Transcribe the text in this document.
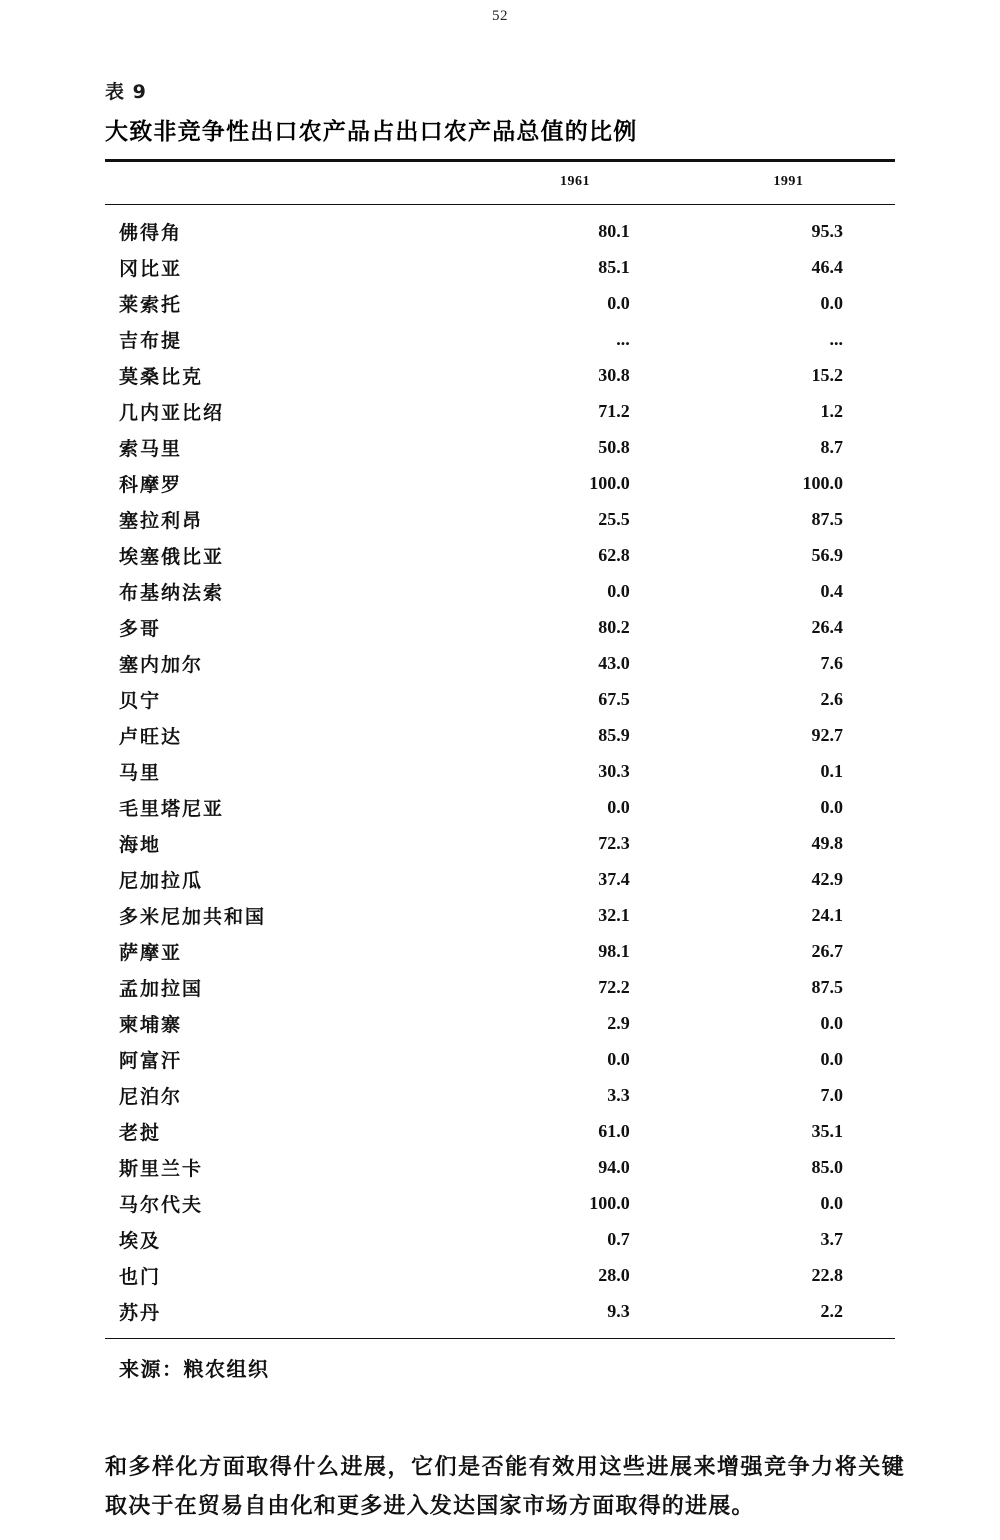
52
表 9
大致非竞争性出口农产品占出口农产品总值的比例
	1961	1991
佛得角	80.1	95.3
冈比亚	85.1	46.4
莱索托	0.0	0.0
吉布提	...	...
莫桑比克	30.8	15.2
几内亚比绍	71.2	1.2
索马里	50.8	8.7
科摩罗	100.0	100.0
塞拉利昂	25.5	87.5
埃塞俄比亚	62.8	56.9
布基纳法索	0.0	0.4
多哥	80.2	26.4
塞内加尔	43.0	7.6
贝宁	67.5	2.6
卢旺达	85.9	92.7
马里	30.3	0.1
毛里塔尼亚	0.0	0.0
海地	72.3	49.8
尼加拉瓜	37.4	42.9
多米尼加共和国	32.1	24.1
萨摩亚	98.1	26.7
孟加拉国	72.2	87.5
柬埔寨	2.9	0.0
阿富汗	0.0	0.0
尼泊尔	3.3	7.0
老挝	61.0	35.1
斯里兰卡	94.0	85.0
马尔代夫	100.0	0.0
埃及	0.7	3.7
也门	28.0	22.8
苏丹	9.3	2.2
来源：粮农组织
和多样化方面取得什么进展，它们是否能有效用这些进展来增强竞争力将关键取决于在贸易自由化和更多进入发达国家市场方面取得的进展。
